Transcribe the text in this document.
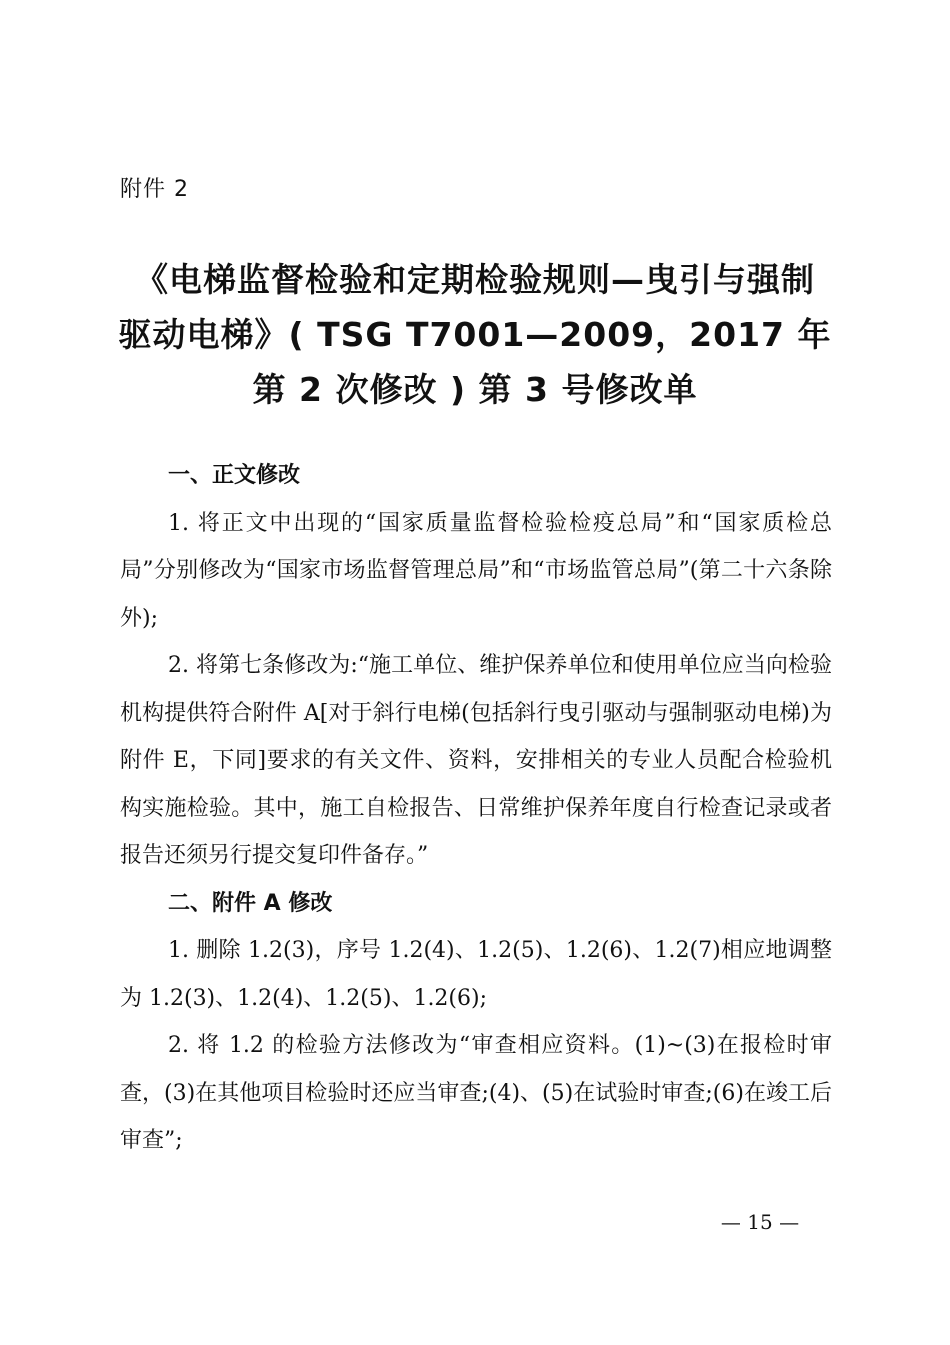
附件 2
《电梯监督检验和定期检验规则—曳引与强制
驱动电梯》( TSG T7001—2009，2017 年
第 2 次修改 ) 第 3 号修改单

一、正文修改

1. 将正文中出现的“国家质量监督检验检疫总局”和“国家质检总局”分别修改为“国家市场监督管理总局”和“市场监管总局”(第二十六条除外);

2. 将第七条修改为:“施工单位、维护保养单位和使用单位应当向检验机构提供符合附件 A[对于斜行电梯(包括斜行曳引驱动与强制驱动电梯)为附件 E，下同]要求的有关文件、资料，安排相关的专业人员配合检验机构实施检验。其中，施工自检报告、日常维护保养年度自行检查记录或者报告还须另行提交复印件备存。”

二、附件 A 修改

1. 删除 1.2(3)，序号 1.2(4)、1.2(5)、1.2(6)、1.2(7)相应地调整为 1.2(3)、1.2(4)、1.2(5)、1.2(6);

2. 将 1.2 的检验方法修改为“审查相应资料。(1)~(3)在报检时审查，(3)在其他项目检验时还应当审查;(4)、(5)在试验时审查;(6)在竣工后审查”;

— 15 —
